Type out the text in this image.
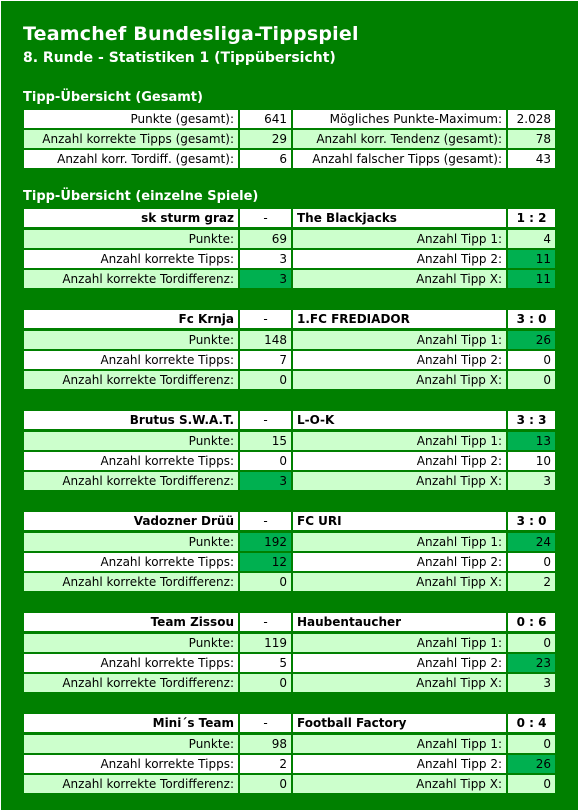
Teamchef Bundesliga-Tippspiel
8. Runde - Statistiken 1 (Tippübersicht)
Tipp-Übersicht (Gesamt)
Punkte (gesamt):	641	Mögliches Punkte-Maximum:	2.028
Anzahl korrekte Tipps (gesamt):	29	Anzahl korr. Tendenz (gesamt):	78
Anzahl korr. Tordiff. (gesamt):	6	Anzahl falscher Tipps (gesamt):	43
Tipp-Übersicht (einzelne Spiele)
sk sturm graz	-	The Blackjacks	1 : 2
Punkte:	69	Anzahl Tipp 1:	4
Anzahl korrekte Tipps:	3	Anzahl Tipp 2:	11
Anzahl korrekte Tordifferenz:	3	Anzahl Tipp X:	11
Fc Krnja	-	1.FC FREDIADOR	3 : 0
Punkte:	148	Anzahl Tipp 1:	26
Anzahl korrekte Tipps:	7	Anzahl Tipp 2:	0
Anzahl korrekte Tordifferenz:	0	Anzahl Tipp X:	0
Brutus S.W.A.T.	-	L-O-K	3 : 3
Punkte:	15	Anzahl Tipp 1:	13
Anzahl korrekte Tipps:	0	Anzahl Tipp 2:	10
Anzahl korrekte Tordifferenz:	3	Anzahl Tipp X:	3
Vadozner Drüü	-	FC URI	3 : 0
Punkte:	192	Anzahl Tipp 1:	24
Anzahl korrekte Tipps:	12	Anzahl Tipp 2:	0
Anzahl korrekte Tordifferenz:	0	Anzahl Tipp X:	2
Team Zissou	-	Haubentaucher	0 : 6
Punkte:	119	Anzahl Tipp 1:	0
Anzahl korrekte Tipps:	5	Anzahl Tipp 2:	23
Anzahl korrekte Tordifferenz:	0	Anzahl Tipp X:	3
Mini´s Team	-	Football Factory	0 : 4
Punkte:	98	Anzahl Tipp 1:	0
Anzahl korrekte Tipps:	2	Anzahl Tipp 2:	26
Anzahl korrekte Tordifferenz:	0	Anzahl Tipp X:	0
